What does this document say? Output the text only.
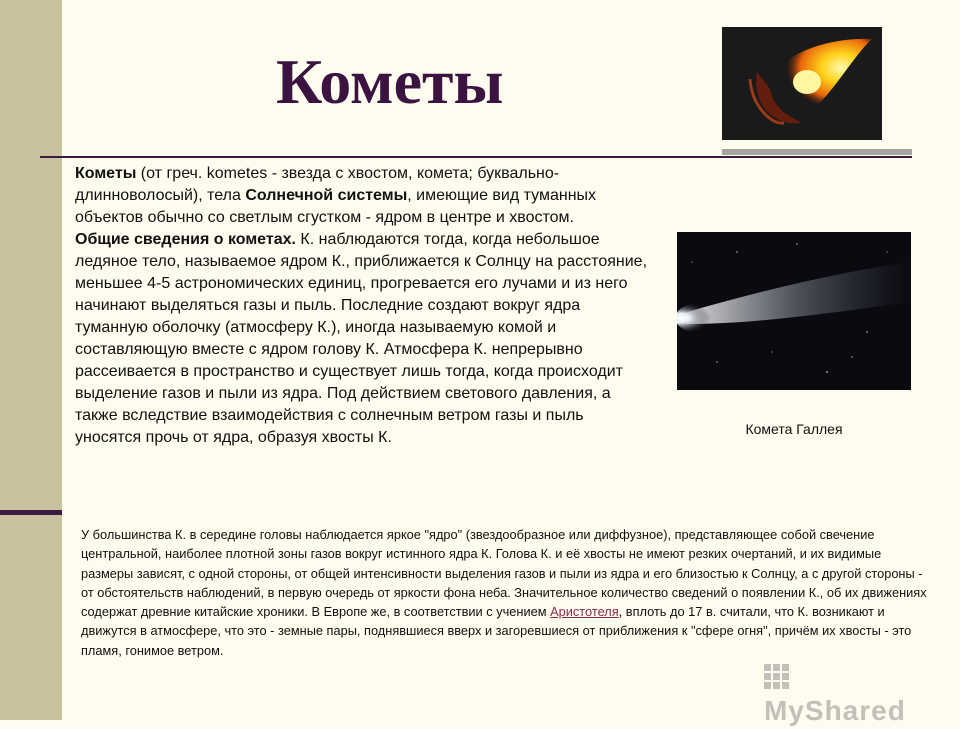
Кометы
Комета Галлея

Кометы (от греч. kometes - звезда с хвостом, комета; буквально-длинноволосый), тела Солнечной системы, имеющие вид туманных объектов обычно со светлым сгустком - ядром в центре и хвостом.
Общие сведения о кометах. К. наблюдаются тогда, когда небольшое ледяное тело, называемое ядром К., приближается к Солнцу на расстояние, меньшее 4-5 астрономических единиц, прогревается его лучами и из него начинают выделяться газы и пыль. Последние создают вокруг ядра туманную оболочку (атмосферу К.), иногда называемую комой и составляющую вместе с ядром голову К. Атмосфера К. непрерывно рассеивается в пространство и существует лишь тогда, когда происходит выделение газов и пыли из ядра. Под действием светового давления, а также вследствие взаимодействия с солнечным ветром газы и пыль уносятся прочь от ядра, образуя хвосты К.

У большинства К. в середине головы наблюдается яркое "ядро" (звездообразное или диффузное), представляющее собой свечение центральной, наиболее плотной зоны газов вокруг истинного ядра К. Голова К. и её хвосты не имеют резких очертаний, и их видимые размеры зависят, с одной стороны, от общей интенсивности выделения газов и пыли из ядра и его близостью к Солнцу, а с другой стороны - от обстоятельств наблюдений, в первую очередь от яркости фона неба. Значительное количество сведений о появлении К., об их движениях содержат древние китайские хроники. В Европе же, в соответствии с учением Аристотеля, вплоть до 17 в. считали, что К. возникают и движутся в атмосфере, что это - земные пары, поднявшиеся вверх и загоревшиеся от приближения к "сфере огня", причём их хвосты - это пламя, гонимое ветром.

MyShared
